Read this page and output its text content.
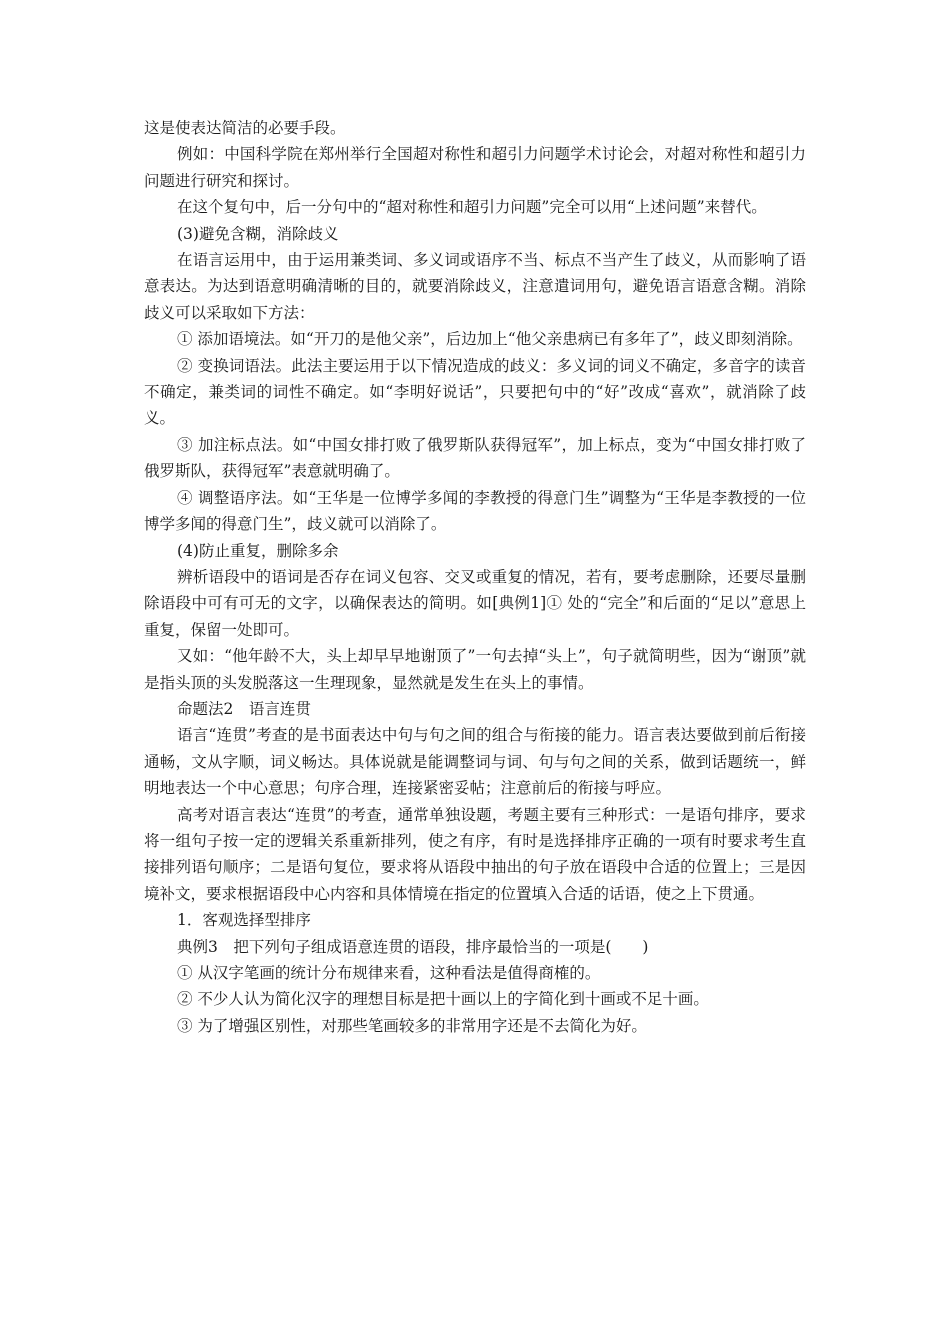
这是使表达简洁的必要手段。

例如：中国科学院在郑州举行全国超对称性和超引力问题学术讨论会，对超对称性和超引力问题进行研究和探讨。

在这个复句中，后一分句中的“超对称性和超引力问题”完全可以用“上述问题”来替代。

(3)避免含糊，消除歧义

在语言运用中，由于运用兼类词、多义词或语序不当、标点不当产生了歧义，从而影响了语意表达。为达到语意明确清晰的目的，就要消除歧义，注意遣词用句，避免语言语意含糊。消除歧义可以采取如下方法：

① 添加语境法。如“开刀的是他父亲”，后边加上“他父亲患病已有多年了”，歧义即刻消除。

② 变换词语法。此法主要运用于以下情况造成的歧义：多义词的词义不确定，多音字的读音不确定，兼类词的词性不确定。如“李明好说话”，只要把句中的“好”改成“喜欢”，就消除了歧义。

③ 加注标点法。如“中国女排打败了俄罗斯队获得冠军”，加上标点，变为“中国女排打败了俄罗斯队，获得冠军”表意就明确了。

④ 调整语序法。如“王华是一位博学多闻的李教授的得意门生”调整为“王华是李教授的一位博学多闻的得意门生”，歧义就可以消除了。

(4)防止重复，删除多余

辨析语段中的语词是否存在词义包容、交叉或重复的情况，若有，要考虑删除，还要尽量删除语段中可有可无的文字，以确保表达的简明。如[典例1]① 处的“完全”和后面的“足以”意思上重复，保留一处即可。

又如：“他年龄不大，头上却早早地谢顶了”一句去掉“头上”，句子就简明些，因为“谢顶”就是指头顶的头发脱落这一生理现象，显然就是发生在头上的事情。

命题法2　语言连贯

语言“连贯”考查的是书面表达中句与句之间的组合与衔接的能力。语言表达要做到前后衔接通畅，文从字顺，词义畅达。具体说就是能调整词与词、句与句之间的关系，做到话题统一，鲜明地表达一个中心意思；句序合理，连接紧密妥帖；注意前后的衔接与呼应。

高考对语言表达“连贯”的考查，通常单独设题，考题主要有三种形式：一是语句排序，要求将一组句子按一定的逻辑关系重新排列，使之有序，有时是选择排序正确的一项有时要求考生直接排列语句顺序；二是语句复位，要求将从语段中抽出的句子放在语段中合适的位置上；三是因境补文，要求根据语段中心内容和具体情境在指定的位置填入合适的话语，使之上下贯通。

1．客观选择型排序

典例3　把下列句子组成语意连贯的语段，排序最恰当的一项是(　　)

① 从汉字笔画的统计分布规律来看，这种看法是值得商榷的。

② 不少人认为简化汉字的理想目标是把十画以上的字简化到十画或不足十画。

③ 为了增强区别性，对那些笔画较多的非常用字还是不去简化为好。
